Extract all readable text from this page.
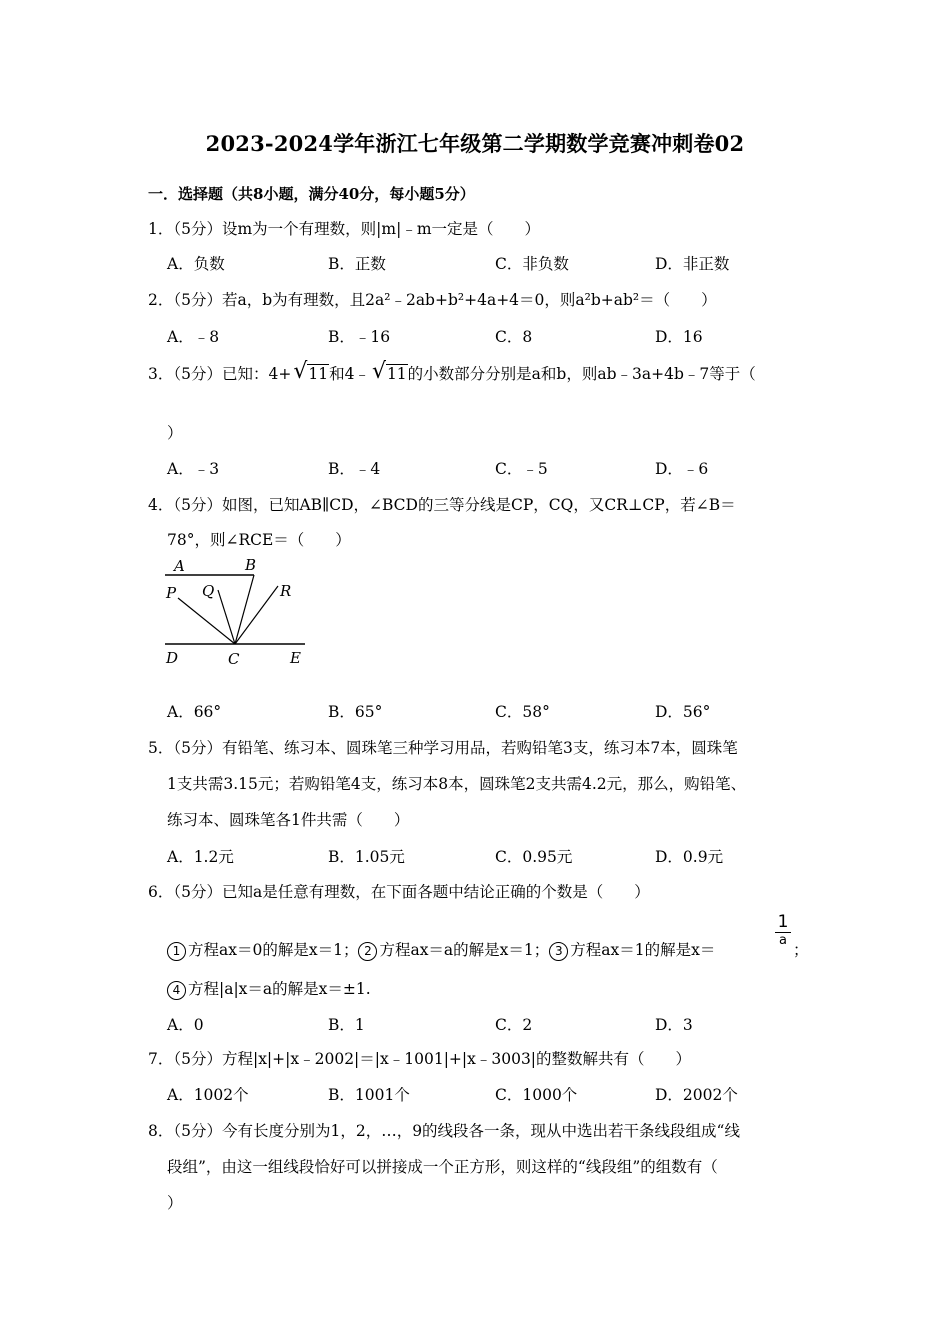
2023-2024学年浙江七年级第二学期数学竞赛冲刺卷02
一．选择题（共8小题，满分40分，每小题5分）
1．（5分）设m为一个有理数，则|m|﹣m一定是（　　）
A．负数	B．正数	C．非负数	D．非正数
2．（5分）若a，b为有理数，且2a²﹣2ab+b²+4a+4＝0，则a²b+ab²＝（　　）
A．﹣8	B．﹣16	C．8	D．16
3．（5分）已知：4+ √ 11和4﹣ √ 11的小数部分分别是a和b，则ab﹣3a+4b﹣7等于（
）
A．﹣3	B．﹣4	C．﹣5	D．﹣6
4．（5分）如图，已知AB∥CD，∠BCD的三等分线是CP，CQ，又CR⊥CP，若∠B＝
78°，则∠RCE＝（　　）
A	B
P Q	R
D	C	E
A．66°	B．65°	C．58°	D．56°
5．（5分）有铅笔、练习本、圆珠笔三种学习用品，若购铅笔3支，练习本7本，圆珠笔
1支共需3.15元；若购铅笔4支，练习本8本，圆珠笔2支共需4.2元，那么，购铅笔、
练习本、圆珠笔各1件共需（　　）
A．1.2元	B．1.05元	C．0.95元	D．0.9元
6．（5分）已知a是任意有理数，在下面各题中结论正确的个数是（　　）
1 方程ax＝0的解是x＝1； 2 方程ax＝a的解是x＝1； 3 方程ax＝1的解是x＝
1
a
；
4 方程|a|x＝a的解是x＝±1.
A．0	B．1	C．2	D．3
7．（5分）方程|x|+|x﹣2002|＝|x﹣1001|+|x﹣3003|的整数解共有（　　）
A．1002个	B．1001个	C．1000个	D．2002个
8．（5分）今有长度分别为1，2，…，9的线段各一条，现从中选出若干条线段组成“线
段组”，由这一组线段恰好可以拼接成一个正方形，则这样的“线段组”的组数有（
）
